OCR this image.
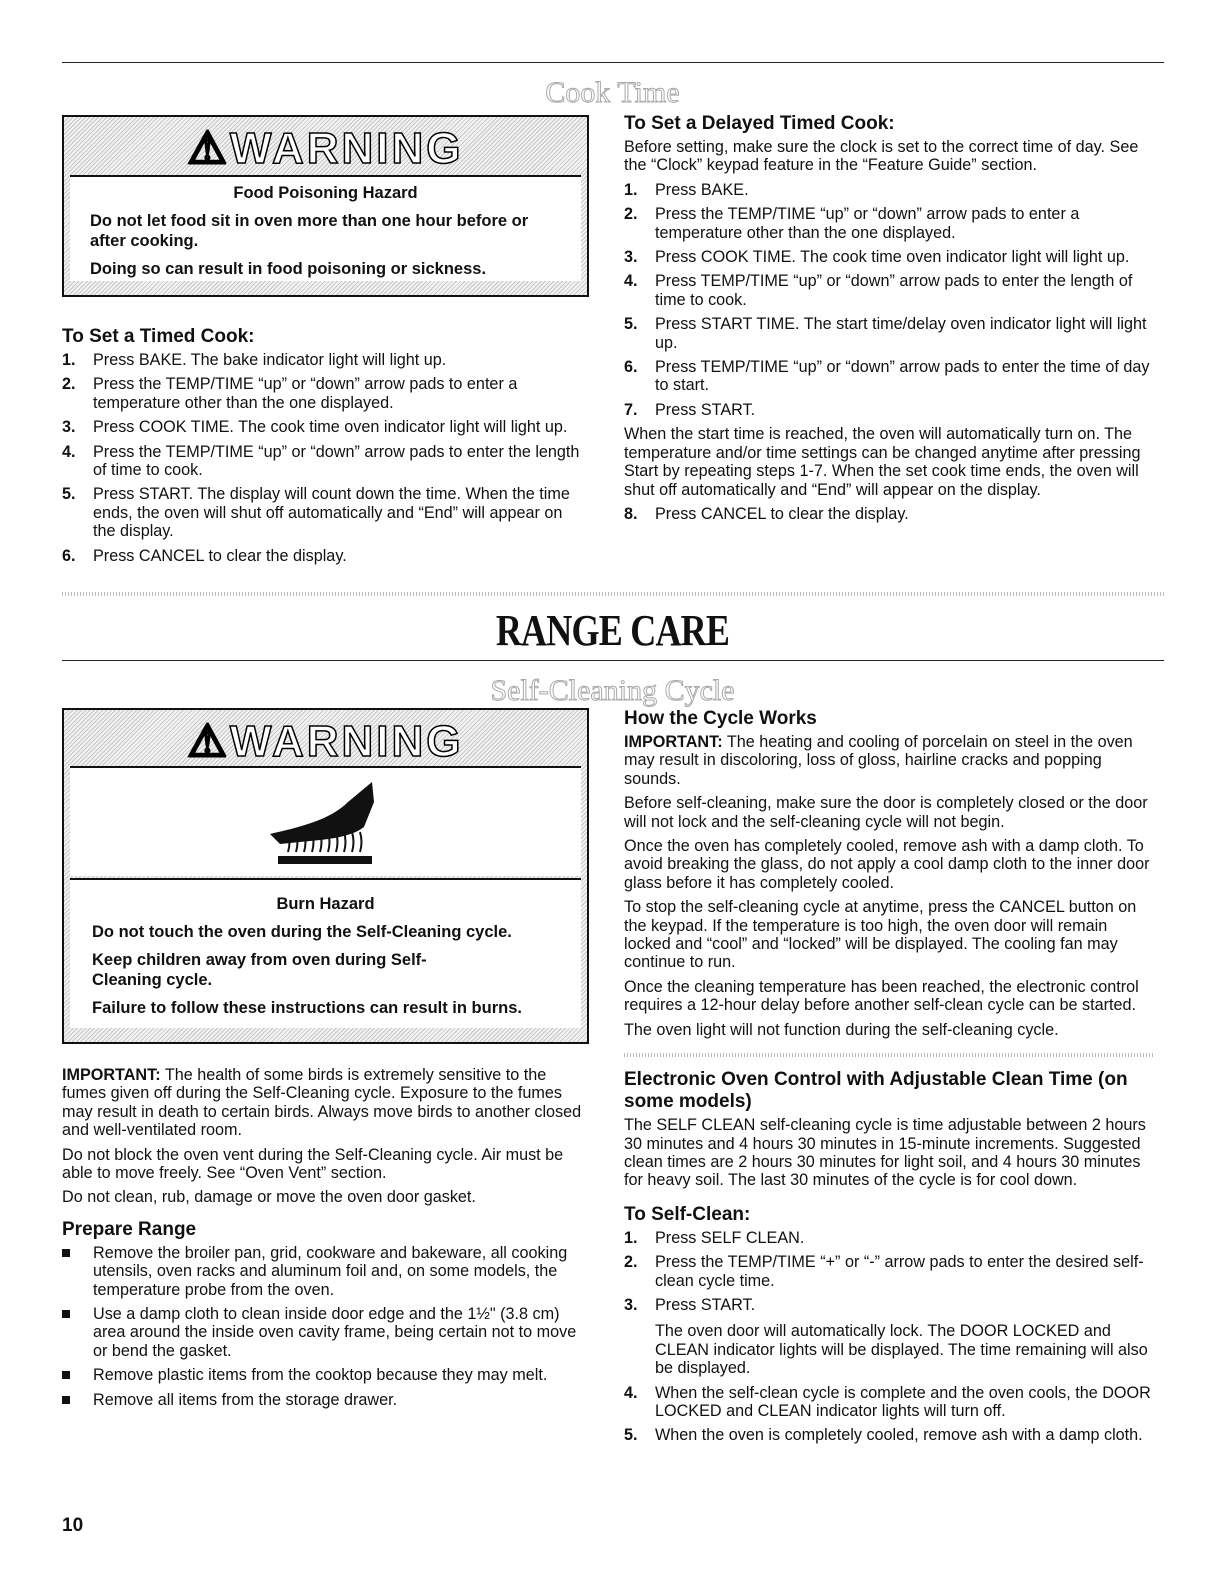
Cook Time
⚠WARNING

Food Poisoning Hazard

Do not let food sit in oven more than one hour before or after cooking.

Doing so can result in food poisoning or sickness.

To Set a Timed Cook:
1. Press BAKE. The bake indicator light will light up.
2. Press the TEMP/TIME “up” or “down” arrow pads to enter a temperature other than the one displayed.
3. Press COOK TIME. The cook time oven indicator light will light up.
4. Press the TEMP/TIME “up” or “down” arrow pads to enter the length of time to cook.
5. Press START. The display will count down the time. When the time ends, the oven will shut off automatically and “End” will appear on the display.
6. Press CANCEL to clear the display.
To Set a Delayed Timed Cook:

Before setting, make sure the clock is set to the correct time of day. See the “Clock” keypad feature in the “Feature Guide” section.

1. Press BAKE.
2. Press the TEMP/TIME “up” or “down” arrow pads to enter a temperature other than the one displayed.
3. Press COOK TIME. The cook time oven indicator light will light up.
4. Press TEMP/TIME “up” or “down” arrow pads to enter the length of time to cook.
5. Press START TIME. The start time/delay oven indicator light will light up.
6. Press TEMP/TIME “up” or “down” arrow pads to enter the time of day to start.
7. Press START.

When the start time is reached, the oven will automatically turn on. The temperature and/or time settings can be changed anytime after pressing Start by repeating steps 1-7. When the set cook time ends, the oven will shut off automatically and “End” will appear on the display.

8. Press CANCEL to clear the display.
RANGE CARE
Self-Cleaning Cycle
⚠WARNING

Burn Hazard

Do not touch the oven during the Self-Cleaning cycle.

Keep children away from oven during Self-Cleaning cycle.

Failure to follow these instructions can result in burns.

IMPORTANT: The health of some birds is extremely sensitive to the fumes given off during the Self-Cleaning cycle. Exposure to the fumes may result in death to certain birds. Always move birds to another closed and well-ventilated room.

Do not block the oven vent during the Self-Cleaning cycle. Air must be able to move freely. See “Oven Vent” section.

Do not clean, rub, damage or move the oven door gasket.

Prepare Range
Remove the broiler pan, grid, cookware and bakeware, all cooking utensils, oven racks and aluminum foil and, on some models, the temperature probe from the oven.
Use a damp cloth to clean inside door edge and the 1½" (3.8 cm) area around the inside oven cavity frame, being certain not to move or bend the gasket.
Remove plastic items from the cooktop because they may melt.
Remove all items from the storage drawer.
How the Cycle Works

IMPORTANT: The heating and cooling of porcelain on steel in the oven may result in discoloring, loss of gloss, hairline cracks and popping sounds.

Before self-cleaning, make sure the door is completely closed or the door will not lock and the self-cleaning cycle will not begin.

Once the oven has completely cooled, remove ash with a damp cloth. To avoid breaking the glass, do not apply a cool damp cloth to the inner door glass before it has completely cooled.

To stop the self-cleaning cycle at anytime, press the CANCEL button on the keypad. If the temperature is too high, the oven door will remain locked and “cool” and “locked” will be displayed. The cooling fan may continue to run.

Once the cleaning temperature has been reached, the electronic control requires a 12-hour delay before another self-clean cycle can be started.

The oven light will not function during the self-cleaning cycle.

Electronic Oven Control with Adjustable Clean Time (on some models)

The SELF CLEAN self-cleaning cycle is time adjustable between 2 hours 30 minutes and 4 hours 30 minutes in 15-minute increments. Suggested clean times are 2 hours 30 minutes for light soil, and 4 hours 30 minutes for heavy soil. The last 30 minutes of the cycle is for cool down.

To Self-Clean:
1. Press SELF CLEAN.
2. Press the TEMP/TIME “+” or “-” arrow pads to enter the desired self-clean cycle time.
3. Press START.
The oven door will automatically lock. The DOOR LOCKED and CLEAN indicator lights will be displayed. The time remaining will also be displayed.
4. When the self-clean cycle is complete and the oven cools, the DOOR LOCKED and CLEAN indicator lights will turn off.
5. When the oven is completely cooled, remove ash with a damp cloth.
10
